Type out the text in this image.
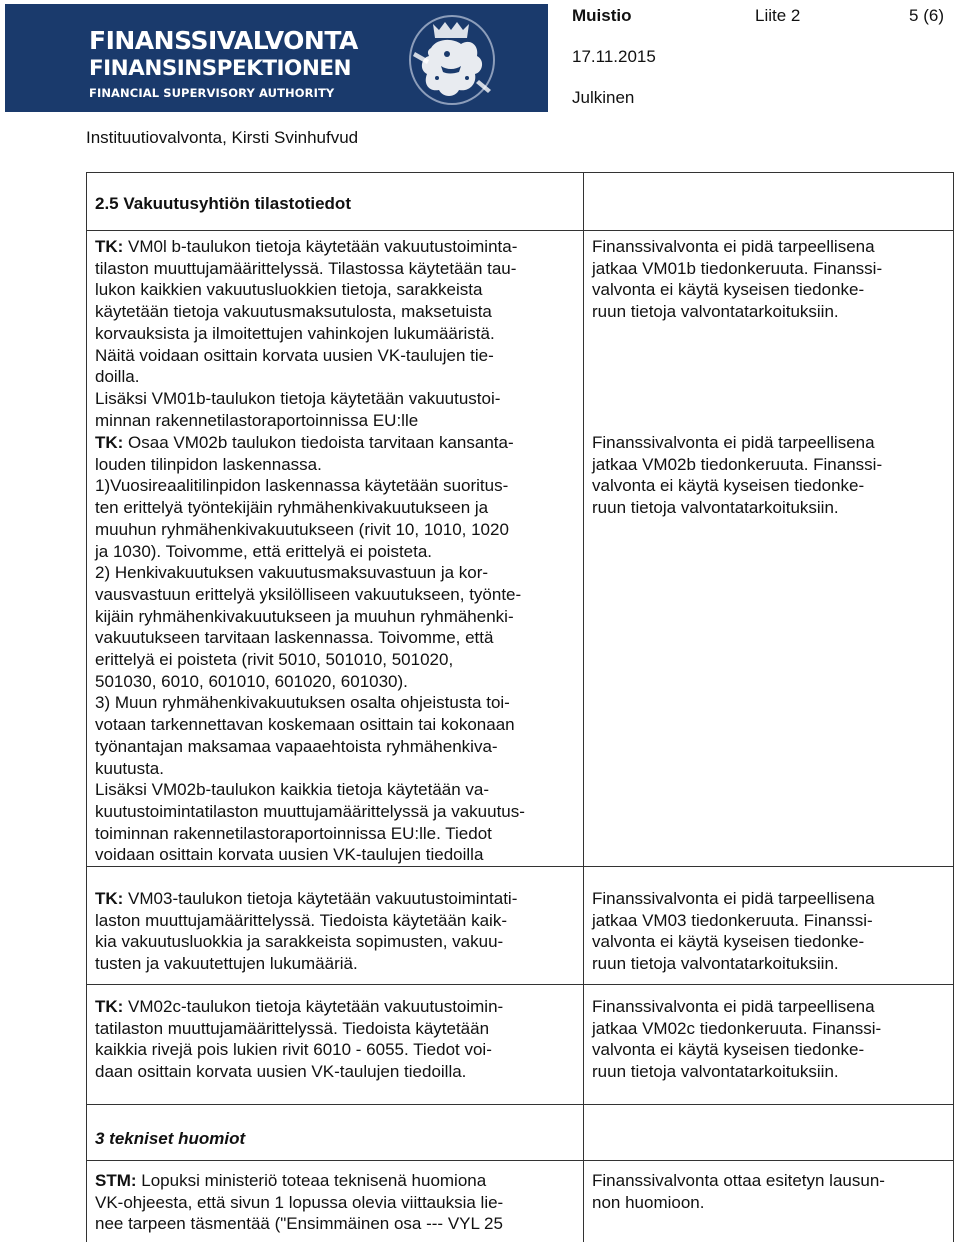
FINANSSIVALVONTA
FINANSINSPEKTIONEN
FINANCIAL SUPERVISORY AUTHORITY
Muistio	Liite 2	5 (6)
17.11.2015
Julkinen
Instituutiovalvonta, Kirsti Svinhufvud
2.5 Vakuutusyhtiön tilastotiedot
TK: VM0l b-taulukon tietoja käytetään vakuutustoiminta-
tilaston muuttujamäärittelyssä. Tilastossa käytetään tau-
lukon kaikkien vakuutusluokkien tietoja, sarakkeista
käytetään tietoja vakuutusmaksutulosta, maksetuista
korvauksista ja ilmoitettujen vahinkojen lukumääristä.
Näitä voidaan osittain korvata uusien VK-taulujen tie-
doilla.
Lisäksi VM01b-taulukon tietoja käytetään vakuutustoi-
minnan rakennetilastoraportoinnissa EU:lle
Finanssivalvonta ei pidä tarpeellisena
jatkaa VM01b tiedonkeruuta. Finanssi-
valvonta ei käytä kyseisen tiedonke-
ruun tietoja valvontatarkoituksiin.
TK: Osaa VM02b taulukon tiedoista tarvitaan kansanta-
louden tilinpidon laskennassa.
1)Vuosireaalitilinpidon laskennassa käytetään suoritus-
ten erittelyä työntekijäin ryhmähenkivakuutukseen ja
muuhun ryhmähenkivakuutukseen (rivit 10, 1010, 1020
ja 1030). Toivomme, että erittelyä ei poisteta.
2) Henkivakuutuksen vakuutusmaksuvastuun ja kor-
vausvastuun erittelyä yksilölliseen vakuutukseen, työnte-
kijäin ryhmähenkivakuutukseen ja muuhun ryhmähenki-
vakuutukseen tarvitaan laskennassa. Toivomme, että
erittelyä ei poisteta (rivit 5010, 501010, 501020,
501030, 6010, 601010, 601020, 601030).
3) Muun ryhmähenkivakuutuksen osalta ohjeistusta toi-
votaan tarkennettavan koskemaan osittain tai kokonaan
työnantajan maksamaa vapaaehtoista ryhmähenkiva-
kuutusta.
Lisäksi VM02b-taulukon kaikkia tietoja käytetään va-
kuutustoimintatilaston muuttujamäärittelyssä ja vakuutus-
toiminnan rakennetilastoraportoinnissa EU:lle. Tiedot
voidaan osittain korvata uusien VK-taulujen tiedoilla
Finanssivalvonta ei pidä tarpeellisena
jatkaa VM02b tiedonkeruuta. Finanssi-
valvonta ei käytä kyseisen tiedonke-
ruun tietoja valvontatarkoituksiin.
TK: VM03-taulukon tietoja käytetään vakuutustoimintati-
laston muuttujamäärittelyssä. Tiedoista käytetään kaik-
kia vakuutusluokkia ja sarakkeista sopimusten, vakuu-
tusten ja vakuutettujen lukumääriä.
Finanssivalvonta ei pidä tarpeellisena
jatkaa VM03 tiedonkeruuta. Finanssi-
valvonta ei käytä kyseisen tiedonke-
ruun tietoja valvontatarkoituksiin.
TK: VM02c-taulukon tietoja käytetään vakuutustoimin-
tatilaston muuttujamäärittelyssä. Tiedoista käytetään
kaikkia rivejä pois lukien rivit 6010 - 6055. Tiedot voi-
daan osittain korvata uusien VK-taulujen tiedoilla.
Finanssivalvonta ei pidä tarpeellisena
jatkaa VM02c tiedonkeruuta. Finanssi-
valvonta ei käytä kyseisen tiedonke-
ruun tietoja valvontatarkoituksiin.
3 tekniset huomiot
STM: Lopuksi ministeriö toteaa teknisenä huomiona
VK-ohjeesta, että sivun 1 lopussa olevia viittauksia lie-
nee tarpeen täsmentää ("Ensimmäinen osa --- VYL 25
Finanssivalvonta ottaa esitetyn lausun-
non huomioon.
